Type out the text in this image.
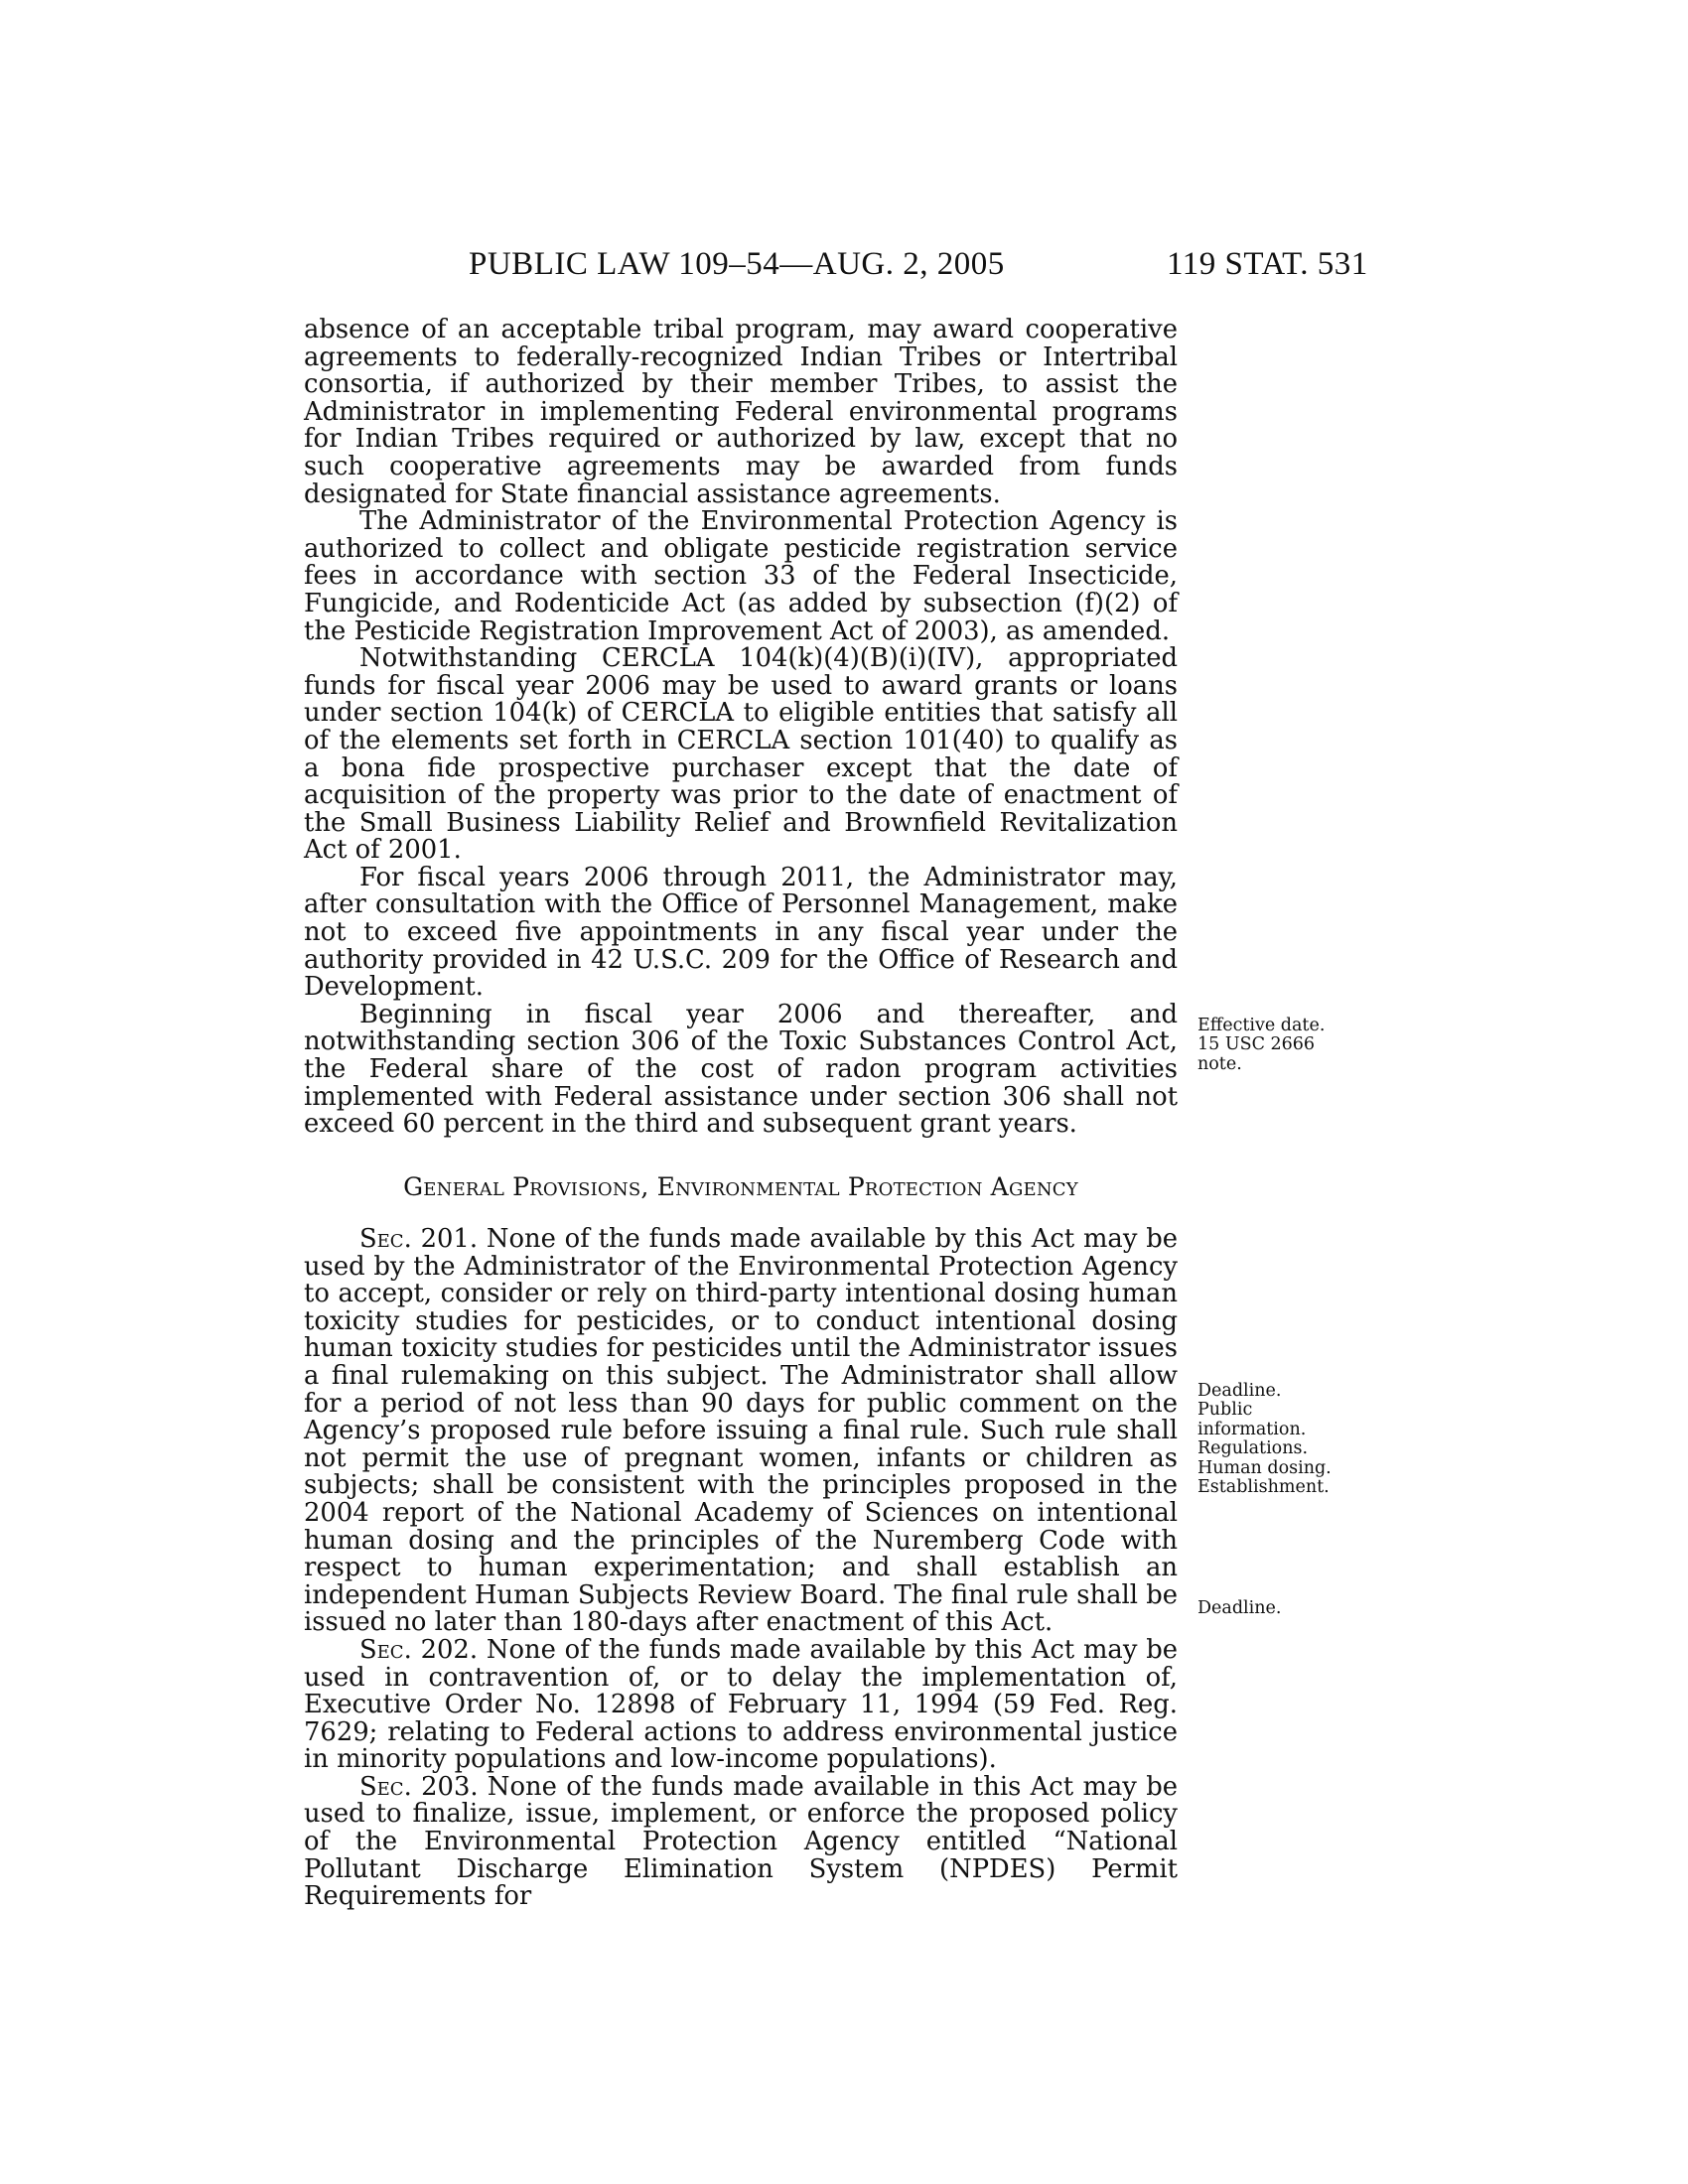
PUBLIC LAW 109–54—AUG. 2, 2005	119 STAT. 531

absence of an acceptable tribal program, may award cooperative agreements to federally-recognized Indian Tribes or Intertribal consortia, if authorized by their member Tribes, to assist the Administrator in implementing Federal environmental programs for Indian Tribes required or authorized by law, except that no such cooperative agreements may be awarded from funds designated for State financial assistance agreements.

The Administrator of the Environmental Protection Agency is authorized to collect and obligate pesticide registration service fees in accordance with section 33 of the Federal Insecticide, Fungicide, and Rodenticide Act (as added by subsection (f)(2) of the Pesticide Registration Improvement Act of 2003), as amended.

Notwithstanding CERCLA 104(k)(4)(B)(i)(IV), appropriated funds for fiscal year 2006 may be used to award grants or loans under section 104(k) of CERCLA to eligible entities that satisfy all of the elements set forth in CERCLA section 101(40) to qualify as a bona fide prospective purchaser except that the date of acquisition of the property was prior to the date of enactment of the Small Business Liability Relief and Brownfield Revitalization Act of 2001.

For fiscal years 2006 through 2011, the Administrator may, after consultation with the Office of Personnel Management, make not to exceed five appointments in any fiscal year under the authority provided in 42 U.S.C. 209 for the Office of Research and Development.

Beginning in fiscal year 2006 and thereafter, and notwithstanding section 306 of the Toxic Substances Control Act, the Federal share of the cost of radon program activities implemented with Federal assistance under section 306 shall not exceed 60 percent in the third and subsequent grant years.

General Provisions, Environmental Protection Agency

Sec. 201. None of the funds made available by this Act may be used by the Administrator of the Environmental Protection Agency to accept, consider or rely on third-party intentional dosing human toxicity studies for pesticides, or to conduct intentional dosing human toxicity studies for pesticides until the Administrator issues a final rulemaking on this subject. The Administrator shall allow for a period of not less than 90 days for public comment on the Agency’s proposed rule before issuing a final rule. Such rule shall not permit the use of pregnant women, infants or children as subjects; shall be consistent with the principles proposed in the 2004 report of the National Academy of Sciences on intentional human dosing and the principles of the Nuremberg Code with respect to human experimentation; and shall establish an independent Human Subjects Review Board. The final rule shall be issued no later than 180-days after enactment of this Act.

Sec. 202. None of the funds made available by this Act may be used in contravention of, or to delay the implementation of, Executive Order No. 12898 of February 11, 1994 (59 Fed. Reg. 7629; relating to Federal actions to address environmental justice in minority populations and low-income populations).

Sec. 203. None of the funds made available in this Act may be used to finalize, issue, implement, or enforce the proposed policy of the Environmental Protection Agency entitled “National Pollutant Discharge Elimination System (NPDES) Permit Requirements for

Effective date.
15 USC 2666
note.
Deadline.
Public
information.
Regulations.
Human dosing.
Establishment.
Deadline.
